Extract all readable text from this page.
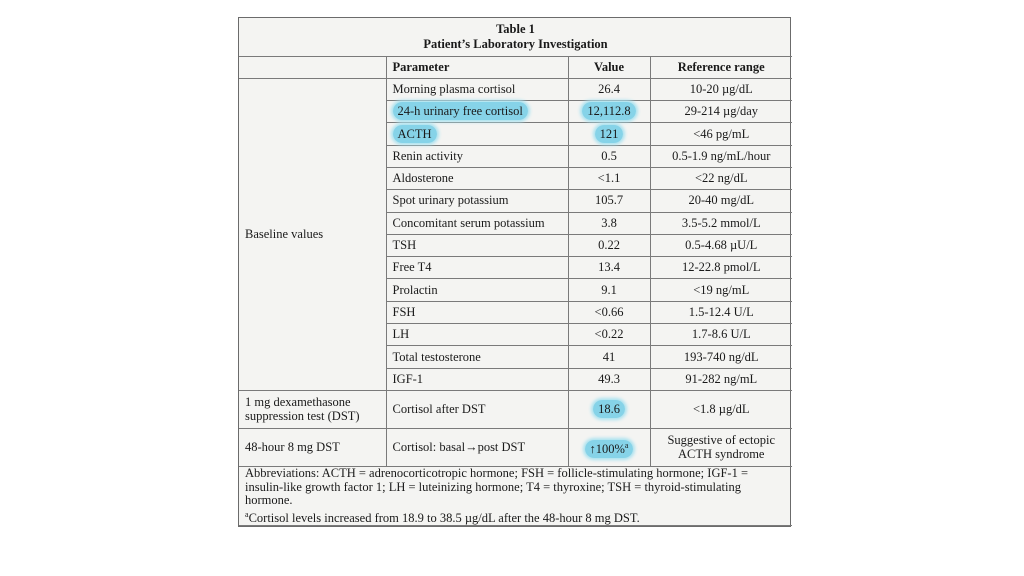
Table 1
Patient’s Laboratory Investigation			

	Parameter	Value	Reference range
Baseline values	Morning plasma cortisol	26.4	10-20 µg/dL
	24-h urinary free cortisol	12,112.8	29-214 µg/day
	ACTH	121	<46 pg/mL
	Renin activity	0.5	0.5-1.9 ng/mL/hour
	Aldosterone	<1.1	<22 ng/dL
	Spot urinary potassium	105.7	20-40 mg/dL
	Concomitant serum potassium	3.8	3.5-5.2 mmol/L
	TSH	0.22	0.5-4.68 µU/L
	Free T4	13.4	12-22.8 pmol/L
	Prolactin	9.1	<19 ng/mL
	FSH	<0.66	1.5-12.4 U/L
	LH	<0.22	1.7-8.6 U/L
	Total testosterone	41	193-740 ng/dL
	IGF-1	49.3	91-282 ng/mL

1 mg dexamethasone
suppression test (DST)	Cortisol after DST	18.6	<1.8 µg/dL
48-hour 8 mg DST	Cortisol: basal→post DST	↑100%$^a$	Suggestive of ectopic
ACTH syndrome

Abbreviations: ACTH = adrenocorticotropic hormone; FSH = follicle-stimulating hormone; IGF-1 = insulin-like growth factor 1; LH = luteinizing hormone; T4 = thyroxine; TSH = thyroid-stimulating hormone.
$^a$Cortisol levels increased from 18.9 to 38.5 µg/dL after the 48-hour 8 mg DST.			
